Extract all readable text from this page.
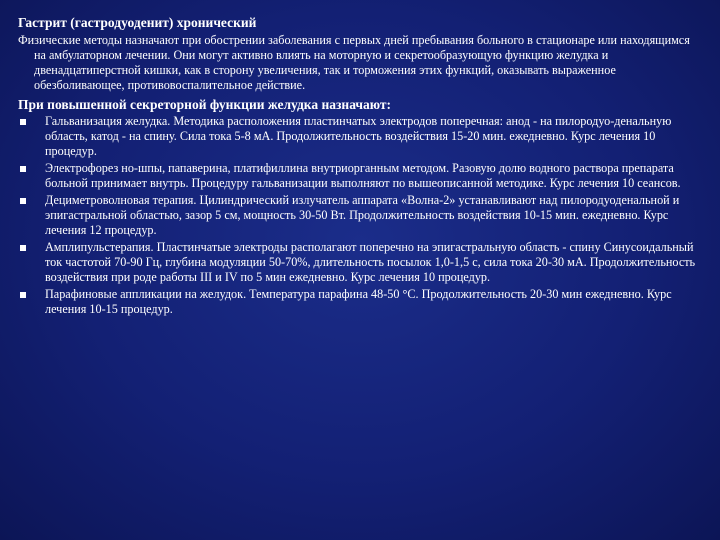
Гастрит (гастродуоденит) хронический
Физические методы назначают при обострении заболевания с первых дней пребывания больного в стационаре или находящимся на амбулаторном лечении. Они могут активно влиять на моторную и секретообразующую функцию желудка и двенадцатиперстной кишки, как в сторону увеличения, так и торможения этих функций, оказывать выраженное обезболивающее, противовоспалительное действие.
При повышенной секреторной функции желудка назначают:
Гальванизация желудка. Методика расположения пластинчатых электродов поперечная: анод - на пилородуо-денальную область, катод - на спину. Сила тока 5-8 мА. Продолжительность воздействия 15-20 мин. ежедневно. Курс лечения 10 процедур.
Электрофорез но-шпы, папаверина, платифиллина внутриорганным методом. Разовую долю водного раствора препарата больной принимает внутрь. Процедуру гальванизации выполняют по вышеописанной методике. Курс лечения 10 сеансов.
Дециметроволновая терапия. Цилиндрический излучатель аппарата «Волна-2» устанавливают над пилородуоденальной и эпигастральной областью, зазор 5 см, мощность 30-50 Вт. Продолжительность воздействия 10-15 мин. ежедневно. Курс лечения 12 процедур.
Амплипульстерапия. Пластинчатые электроды располагают поперечно на эпигастральную область - спину Синусоидальный ток частотой 70-90 Гц, глубина модуляции 50-70%, длительность посылок 1,0-1,5 с, сила тока 20-30 мА. Продолжительность воздействия при роде работы III и IV по 5 мин ежедневно. Курс лечения 10 процедур.
Парафиновые аппликации на желудок. Температура парафина 48-50 °С. Продолжительность 20-30 мин ежедневно. Курс лечения 10-15 процедур.
